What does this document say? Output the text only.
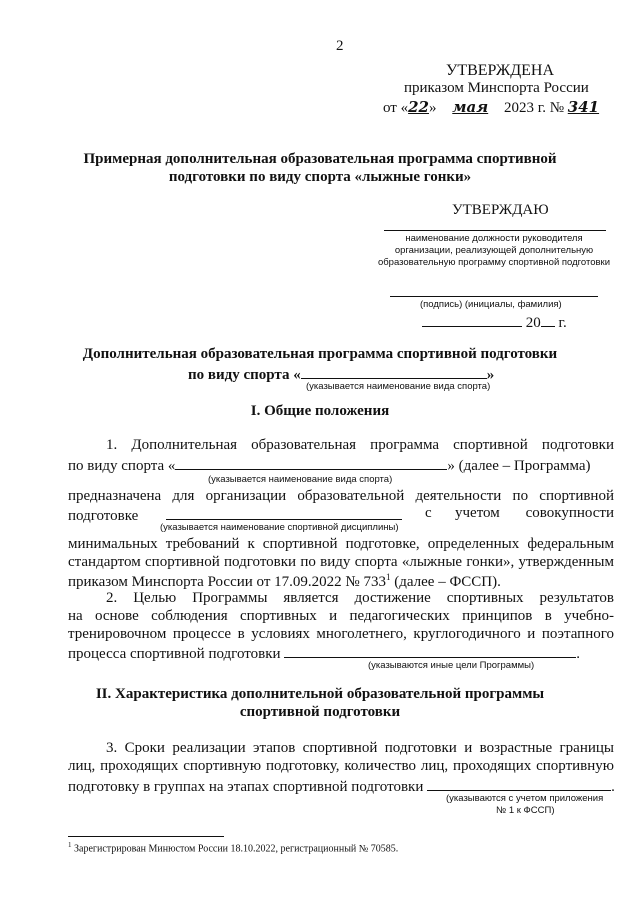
2
УТВЕРЖДЕНА
приказом Минспорта России
от «22» мая 2023 г. № 341
Примерная дополнительная образовательная программа спортивной
подготовки по виду спорта «лыжные гонки»
УТВЕРЖДАЮ
наименование должности руководителя
организации, реализующей дополнительную
образовательную программу спортивной подготовки
(подпись) (инициалы, фамилия)
20 г.
Дополнительная образовательная программа спортивной подготовки
по виду спорта «	»
(указывается наименование вида спорта)
I. Общие положения
1. Дополнительная образовательная программа спортивной подготовки
по виду спорта «	» (далее – Программа)
(указывается наименование вида спорта)
предназначена для организации образовательной деятельности по спортивной
подготовке	с учетом совокупности
(указывается наименование спортивной дисциплины)
минимальных требований к спортивной подготовке, определенных федеральным
стандартом спортивной подготовки по виду спорта «лыжные гонки», утвержденным
приказом Минспорта России от 17.09.2022 № $733^1$ (далее – ФССП).
2. Целью Программы является достижение спортивных результатов
на основе соблюдения спортивных и педагогических принципов в учебно-
тренировочном процессе в условиях многолетнего, круглогодичного и поэтапного
процесса спортивной подготовки	.
(указываются иные цели Программы)
II. Характеристика дополнительной образовательной программы
спортивной подготовки
3. Сроки реализации этапов спортивной подготовки и возрастные границы
лиц, проходящих спортивную подготовку, количество лиц, проходящих спортивную
подготовку в группах на этапах спортивной подготовки	.
(указываются с учетом приложения
№ 1 к ФССП)
$^1$ Зарегистрирован Минюстом России 18.10.2022, регистрационный № 70585.
